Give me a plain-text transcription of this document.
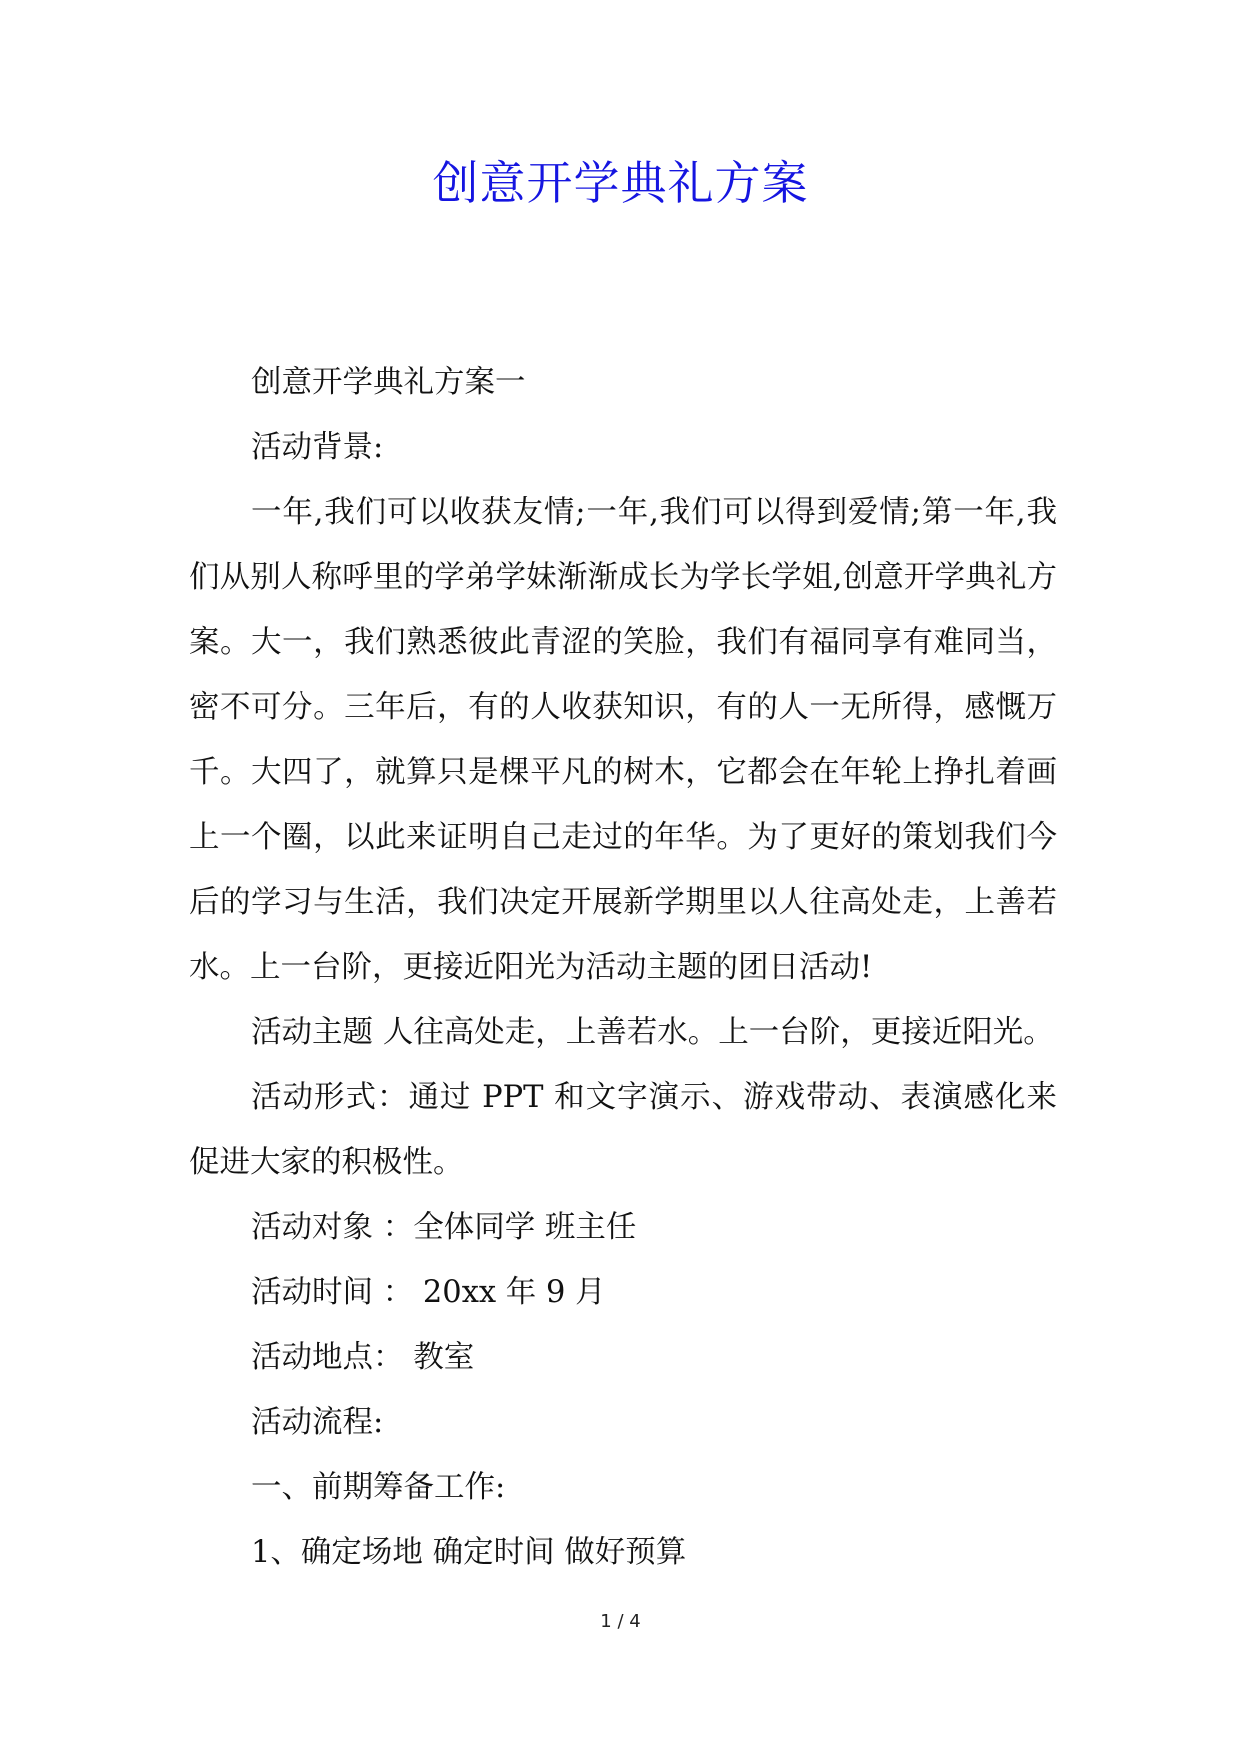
创意开学典礼方案

创意开学典礼方案一

活动背景:

一年,我们可以收获友情;一年,我们可以得到爱情;第一年,我们从别人称呼里的学弟学妹渐渐成长为学长学姐,创意开学典礼方案。大一，我们熟悉彼此青涩的笑脸，我们有福同享有难同当，密不可分。三年后，有的人收获知识，有的人一无所得，感慨万千。大四了，就算只是棵平凡的树木，它都会在年轮上挣扎着画上一个圈，以此来证明自己走过的年华。为了更好的策划我们今后的学习与生活，我们决定开展新学期里以人往高处走，上善若水。上一台阶，更接近阳光为活动主题的团日活动!

活动主题 人往高处走，上善若水。上一台阶，更接近阳光。

活动形式：通过 PPT 和文字演示、游戏带动、表演感化来促进大家的积极性。

活动对象 ：全体同学 班主任

活动时间 ： 20xx 年 9 月

活动地点： 教室

活动流程:

一、前期筹备工作:

1、确定场地 确定时间 做好预算

1 / 4
